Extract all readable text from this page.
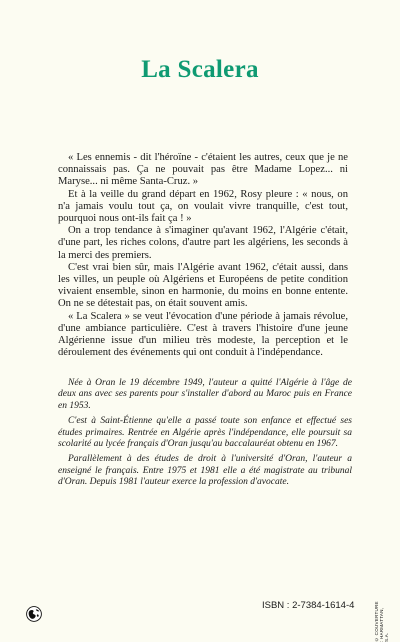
La Scalera

« Les ennemis - dit l'héroïne - c'étaient les autres, ceux que je ne connaissais pas. Ça ne pouvait pas être Madame Lopez... ni Maryse... ni même Santa-Cruz. »

Et à la veille du grand départ en 1962, Rosy pleure : « nous, on n'a jamais voulu tout ça, on voulait vivre tranquille, c'est tout, pourquoi nous ont-ils fait ça ! »

On a trop tendance à s'imaginer qu'avant 1962, l'Algérie c'était, d'une part, les riches colons, d'autre part les algériens, les seconds à la merci des premiers.

C'est vrai bien sûr, mais l'Algérie avant 1962, c'était aussi, dans les villes, un peuple où Algériens et Européens de petite condition vivaient ensemble, sinon en harmonie, du moins en bonne entente. On ne se détestait pas, on était souvent amis.

« La Scalera » se veut l'évocation d'une période à jamais révolue, d'une ambiance particulière. C'est à travers l'histoire d'une jeune Algérienne issue d'un milieu très modeste, la perception et le déroulement des événements qui ont conduit à l'indépendance.

Née à Oran le 19 décembre 1949, l'auteur a quitté l'Algérie à l'âge de deux ans avec ses parents pour s'installer d'abord au Maroc puis en France en 1953.

C'est à Saint-Étienne qu'elle a passé toute son enfance et effectué ses études primaires. Rentrée en Algérie après l'indépendance, elle poursuit sa scolarité au lycée français d'Oran jusqu'au baccalauréat obtenu en 1967.

Parallèlement à des études de droit à l'université d'Oran, l'auteur a enseigné le français. Entre 1975 et 1981 elle a été magistrate au tribunal d'Oran. Depuis 1981 l'auteur exerce la profession d'avocate.

ISBN : 2-7384-1614-4	© COUVERTURE : HARMATTAN, S.A.
